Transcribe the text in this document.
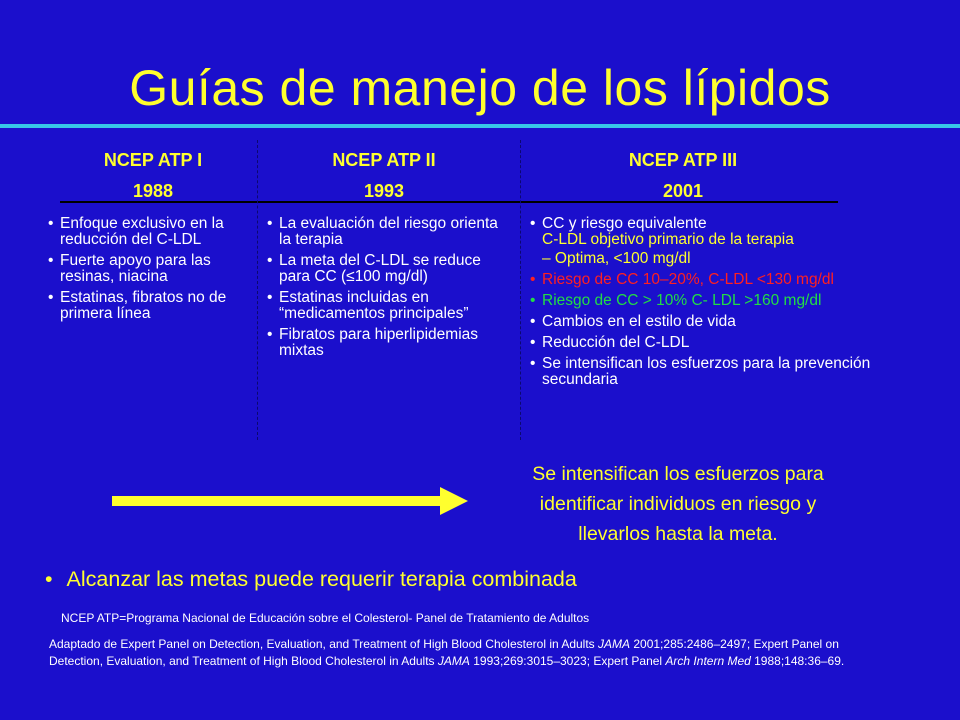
Guías de manejo de los lípidos
NCEP ATP I
1988
NCEP ATP II
1993
NCEP ATP III
2001
• Enfoque exclusivo en la reducción del C-LDL
• Fuerte apoyo para las resinas, niacina
• Estatinas, fibratos no de primera línea
• La evaluación del riesgo orienta la terapia
• La meta del C-LDL se reduce para CC (≤100 mg/dl)
• Estatinas incluidas en “medicamentos principales”
• Fibratos para hiperlipidemias mixtas
• CC y riesgo equivalente
C-LDL objetivo primario de la terapia
– Optima, <100 mg/dl
• Riesgo de CC 10–20%, C-LDL <130 mg/dl
• Riesgo de CC > 10% C- LDL >160 mg/dl
• Cambios en el estilo de vida
• Reducción del C-LDL
• Se intensifican los esfuerzos para la prevención secundaria
Se intensifican los esfuerzos para
identificar individuos en riesgo y
llevarlos hasta la meta.
• Alcanzar las metas puede requerir terapia combinada
NCEP ATP=Programa Nacional de Educación sobre el Colesterol- Panel de Tratamiento de Adultos
Adaptado de Expert Panel on Detection, Evaluation, and Treatment of High Blood Cholesterol in Adults JAMA 2001;285:2486–2497; Expert Panel on Detection, Evaluation, and Treatment of High Blood Cholesterol in Adults JAMA 1993;269:3015–3023; Expert Panel Arch Intern Med 1988;148:36–69.
